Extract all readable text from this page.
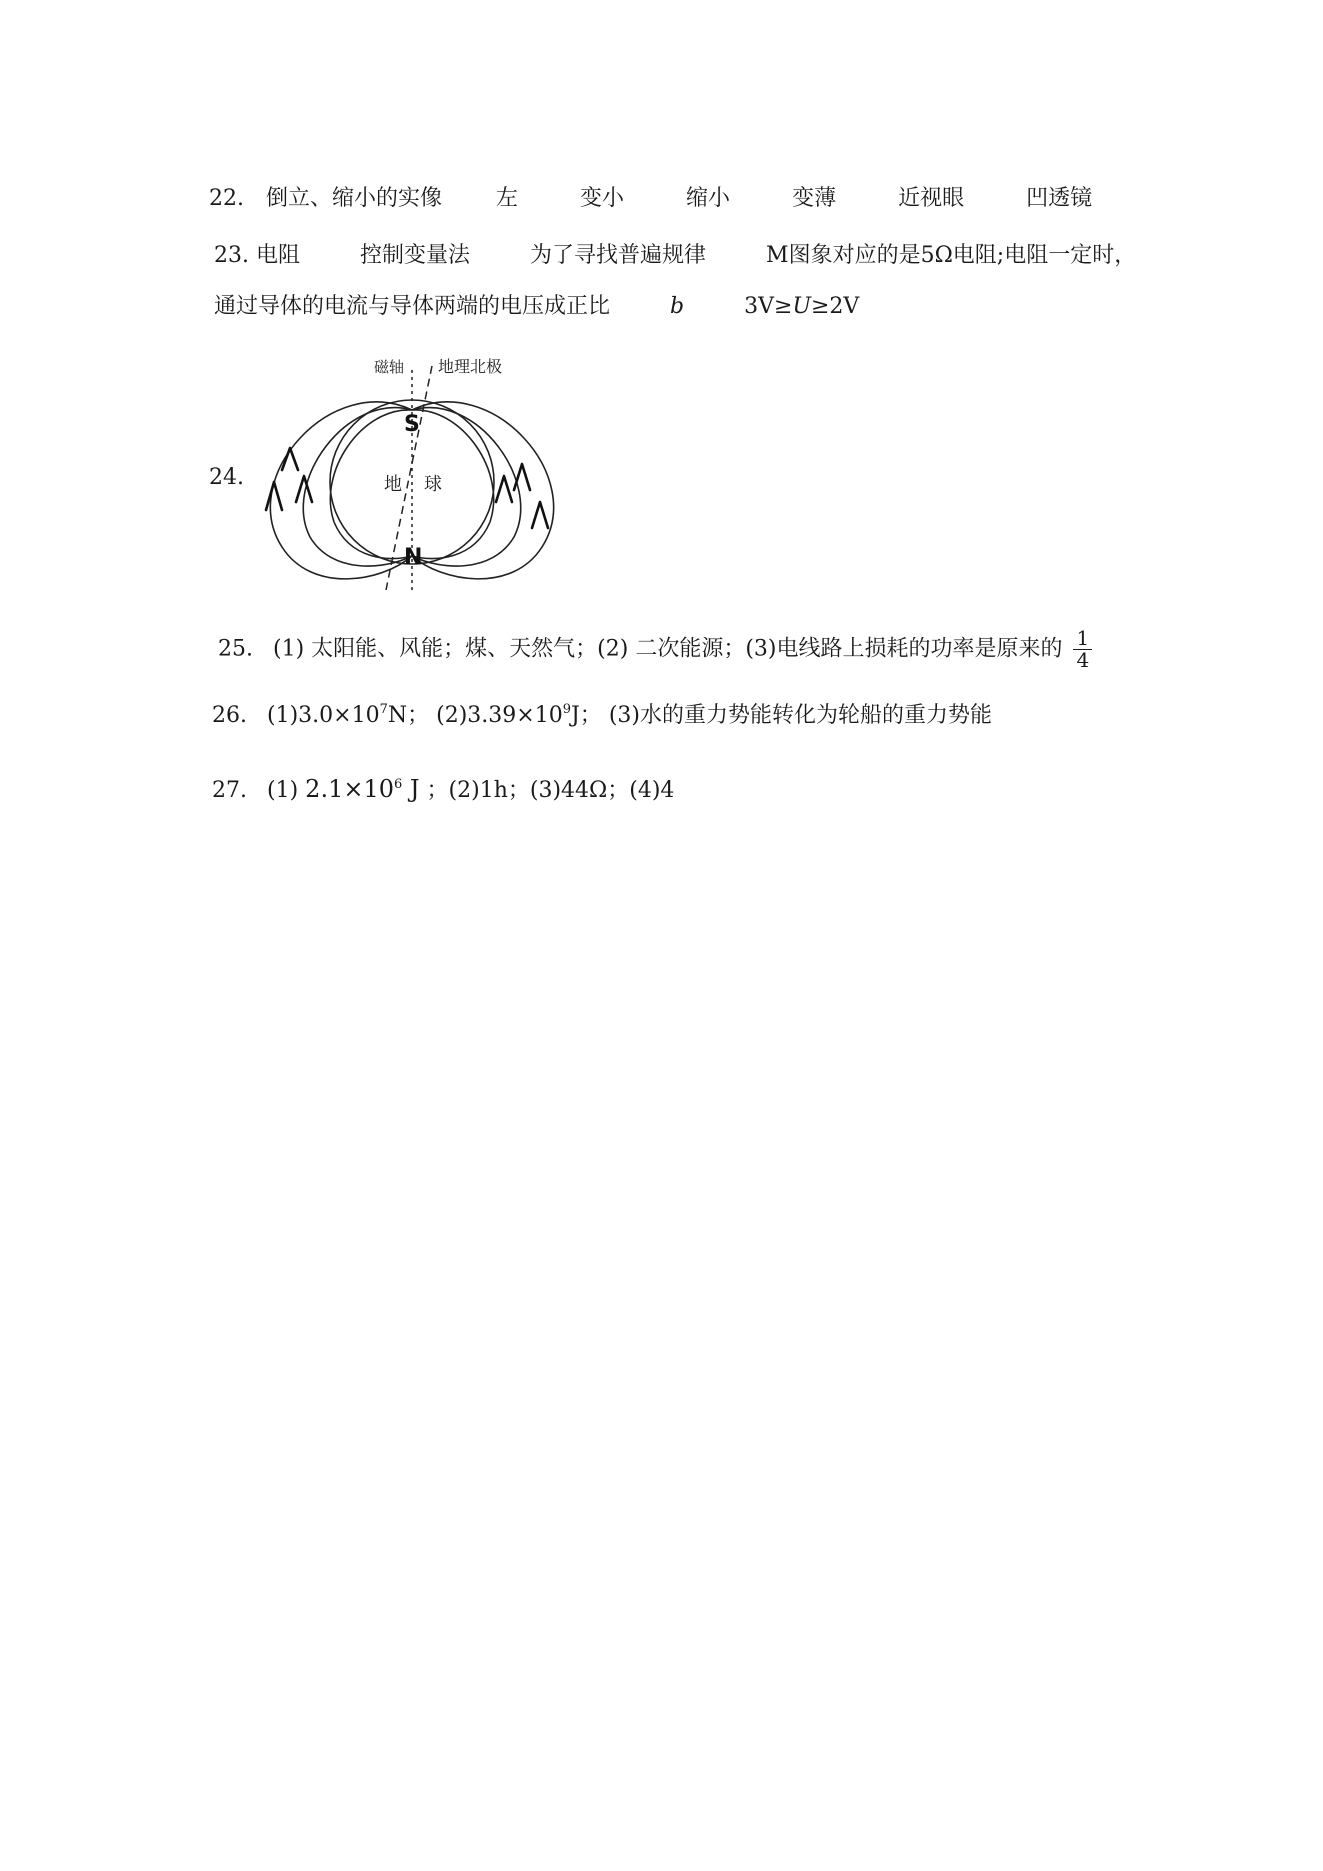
22. 倒立、缩小的实像 左	变小	缩小	变薄	近视眼	凹透镜
23. 电阻	控制变量法	为了寻找普遍规律	M图象对应的是5Ω电阻;电阻一定时，
通过导体的电流与导体两端的电压成正比	b	3V≥U≥2V
24.
磁轴 地理北极
地 球
S
N
25. (1) 太阳能、风能；煤、天然气；(2) 二次能源；(3)电线路上损耗的功率是原来的 $\frac{1}{4}$
26. $(1)3.0\times 10^7N$； $(2)3.39\times 10^9J$； (3)水的重力势能转化为轮船的重力势能
27. (1) $2.1\times 10^6$ J ；(2)1h；(3)44Ω；(4)4
